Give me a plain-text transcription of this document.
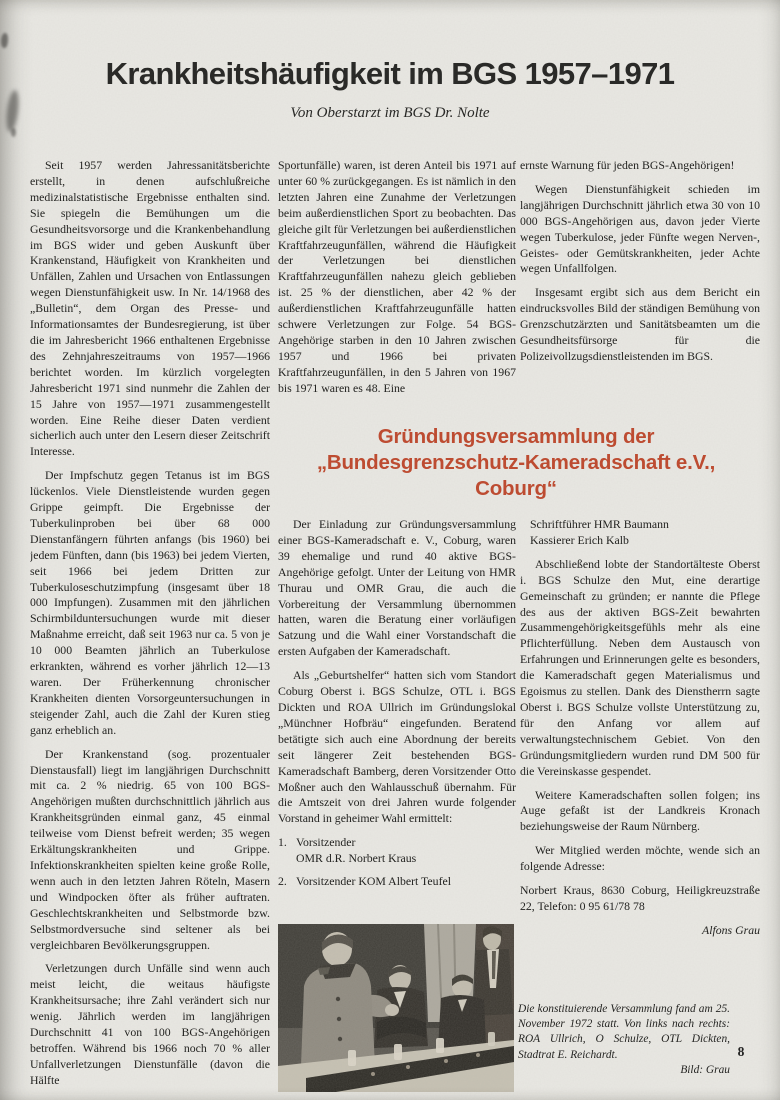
Krankheitshäufigkeit im BGS 1957–1971
Von Oberstarzt im BGS Dr. Nolte

Seit 1957 werden Jahressanitätsberichte erstellt, in denen aufschlußreiche medizinalstatistische Ergebnisse enthalten sind. Sie spiegeln die Bemühungen um die Gesundheitsvorsorge und die Krankenbehandlung im BGS wider und geben Auskunft über Krankenstand, Häufigkeit von Krankheiten und Unfällen, Zahlen und Ursachen von Entlassungen wegen Dienstunfähigkeit usw. In Nr. 14/1968 des „Bulletin“, dem Organ des Presse- und Informationsamtes der Bundesregierung, ist über die im Jahresbericht 1966 enthaltenen Ergebnisse des Zehnjahreszeitraums von 1957—1966 berichtet worden. Im kürzlich vorgelegten Jahresbericht 1971 sind nunmehr die Zahlen der 15 Jahre von 1957—1971 zusammengestellt worden. Eine Reihe dieser Daten verdient sicherlich auch unter den Lesern dieser Zeitschrift Interesse.

Der Impfschutz gegen Tetanus ist im BGS lückenlos. Viele Dienstleistende wurden gegen Grippe geimpft. Die Ergebnisse der Tuberkulinproben bei über 68 000 Dienstanfängern führten anfangs (bis 1960) bei jedem Fünften, dann (bis 1963) bei jedem Vierten, seit 1966 bei jedem Dritten zur Tuberkuloseschutzimpfung (insgesamt über 18 000 Impfungen). Zusammen mit den jährlichen Schirmbilduntersuchungen wurde mit dieser Maßnahme erreicht, daß seit 1963 nur ca. 5 von je 10 000 Beamten jährlich an Tuberkulose erkrankten, während es vorher jährlich 12—13 waren. Der Früherkennung chronischer Krankheiten dienten Vorsorgeuntersuchungen in steigender Zahl, auch die Zahl der Kuren stieg ganz erheblich an.

Der Krankenstand (sog. prozentualer Dienstausfall) liegt im langjährigen Durchschnitt mit ca. 2 % niedrig. 65 von 100 BGS-Angehörigen mußten durchschnittlich jährlich aus Krankheitsgründen einmal ganz, 45 einmal teilweise vom Dienst befreit werden; 35 wegen Erkältungskrankheiten und Grippe. Infektionskrankheiten spielten keine große Rolle, wenn auch in den letzten Jahren Röteln, Masern und Windpocken öfter als früher auftraten. Geschlechtskrankheiten und Selbstmorde bzw. Selbstmordversuche sind seltener als bei vergleichbaren Bevölkerungsgruppen.

Verletzungen durch Unfälle sind wenn auch meist leicht, die weitaus häufigste Krankheitsursache; ihre Zahl verändert sich nur wenig. Jährlich werden im langjährigen Durchschnitt 41 von 100 BGS-Angehörigen betroffen. Während bis 1966 noch 70 % aller Unfallverletzungen Dienstunfälle (davon die Hälfte

Sportunfälle) waren, ist deren Anteil bis 1971 auf unter 60 % zurückgegangen. Es ist nämlich in den letzten Jahren eine Zunahme der Verletzungen beim außerdienstlichen Sport zu beobachten. Das gleiche gilt für Verletzungen bei außerdienstlichen Kraftfahrzeugunfällen, während die Häufigkeit der Verletzungen bei dienstlichen Kraftfahrzeugunfällen nahezu gleich geblieben ist. 25 % der dienstlichen, aber 42 % der außerdienstlichen Kraftfahrzeugunfälle hatten schwere Verletzungen zur Folge. 54 BGS-Angehörige starben in den 10 Jahren zwischen 1957 und 1966 bei privaten Kraftfahrzeugunfällen, in den 5 Jahren von 1967 bis 1971 waren es 48. Eine

ernste Warnung für jeden BGS-Angehörigen!

Wegen Dienstunfähigkeit schieden im langjährigen Durchschnitt jährlich etwa 30 von 10 000 BGS-Angehörigen aus, davon jeder Vierte wegen Tuberkulose, jeder Fünfte wegen Nerven-, Geistes- oder Gemütskrankheiten, jeder Achte wegen Unfallfolgen.

Insgesamt ergibt sich aus dem Bericht ein eindrucksvolles Bild der ständigen Bemühung von Grenzschutzärzten und Sanitätsbeamten um die Gesundheitsfürsorge für die Polizeivollzugsdienstleistenden im BGS.

Gründungsversammlung der
„Bundesgrenzschutz-Kameradschaft e.V.,
Coburg“

Der Einladung zur Gründungsversammlung einer BGS-Kameradschaft e. V., Coburg, waren 39 ehemalige und rund 40 aktive BGS-Angehörige gefolgt. Unter der Leitung von HMR Thurau und OMR Grau, die auch die Vorbereitung der Versammlung übernommen hatten, waren die Beratung einer vorläufigen Satzung und die Wahl einer Vorstandschaft die ersten Aufgaben der Kameradschaft.

Als „Geburtshelfer“ hatten sich vom Standort Coburg Oberst i. BGS Schulze, OTL i. BGS Dickten und ROA Ullrich im Gründungslokal „Münchner Hofbräu“ eingefunden. Beratend betätigte sich auch eine Abordnung der bereits seit längerer Zeit bestehenden BGS-Kameradschaft Bamberg, deren Vorsitzender Otto Moßner auch den Wahlausschuß übernahm. Für die Amtszeit von drei Jahren wurde folgender Vorstand in geheimer Wahl ermittelt:

1. Vorsitzender
OMR d.R. Norbert Kraus
2. Vorsitzender KOM Albert Teufel
Schriftführer HMR Baumann
Kassierer Erich Kalb

Abschließend lobte der Standortälteste Oberst i. BGS Schulze den Mut, eine derartige Gemeinschaft zu gründen; er nannte die Pflege des aus der aktiven BGS-Zeit bewahrten Zusammengehörigkeitsgefühls mehr als eine Pflichterfüllung. Neben dem Austausch von Erfahrungen und Erinnerungen gelte es besonders, die Kameradschaft gegen Materialismus und Egoismus zu stellen. Dank des Dienstherrn sagte Oberst i. BGS Schulze vollste Unterstützung zu, für den Anfang vor allem auf verwaltungstechnischem Gebiet. Von den Gründungsmitgliedern wurden rund DM 500 für die Vereinskasse gespendet.

Weitere Kameradschaften sollen folgen; ins Auge gefaßt ist der Landkreis Kronach beziehungsweise der Raum Nürnberg.

Wer Mitglied werden möchte, wende sich an folgende Adresse:

Norbert Kraus, 8630 Coburg, Heiligkreuzstraße 22, Telefon: 0 95 61/78 78

Alfons Grau
Die konstituierende Versammlung fand am 25. November 1972 statt. Von links nach rechts: ROA Ullrich, O Schulze, OTL Dickten, Stadtrat E. Reichardt.
Bild: Grau
8
